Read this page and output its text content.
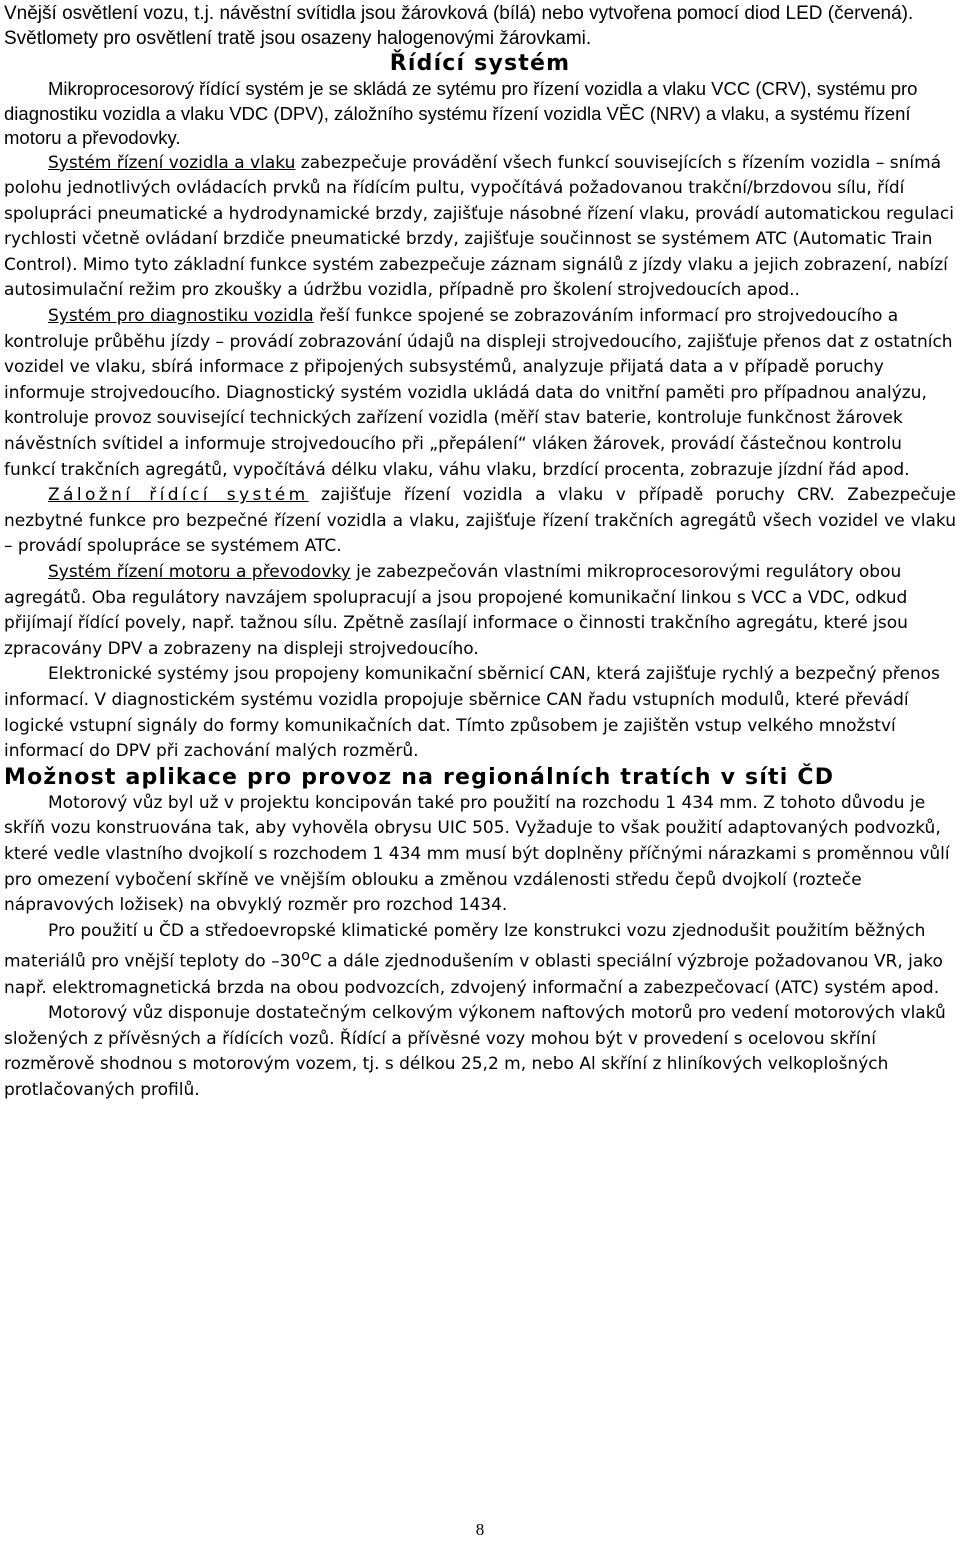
Vnější osvětlení vozu, t.j. návěstní svítidla jsou žárovková (bílá) nebo vytvořena pomocí diod LED (červená). Světlomety pro osvětlení tratě jsou osazeny halogenovými žárovkami.

Řídící systém

Mikroprocesorový řídící systém je se skládá ze sytému pro řízení vozidla a vlaku VCC (CRV), systému pro diagnostiku vozidla a vlaku VDC (DPV), záložního systému řízení vozidla VĚC (NRV) a vlaku, a systému řízení motoru a převodovky.

Systém řízení vozidla a vlaku zabezpečuje provádění všech funkcí souvisejících s řízením vozidla – snímá polohu jednotlivých ovládacích prvků na řídícím pultu, vypočítává požadovanou trakční/brzdovou sílu, řídí spolupráci pneumatické a hydrodynamické brzdy, zajišťuje násobné řízení vlaku, provádí automatickou regulaci rychlosti včetně ovládaní brzdiče pneumatické brzdy, zajišťuje součinnost se systémem ATC (Automatic Train Control). Mimo tyto základní funkce systém zabezpečuje záznam signálů z jízdy vlaku a jejich zobrazení, nabízí autosimulační režim pro zkoušky a údržbu vozidla, případně pro školení strojvedoucích apod..

Systém pro diagnostiku vozidla řeší funkce spojené se zobrazováním informací pro strojvedoucího a kontroluje průběhu jízdy – provádí zobrazování údajů na displeji strojvedoucího, zajišťuje přenos dat z ostatních vozidel ve vlaku, sbírá informace z připojených subsystémů, analyzuje přijatá data a v případě poruchy informuje strojvedoucího. Diagnostický systém vozidla ukládá data do vnitřní paměti pro případnou analýzu, kontroluje provoz související technických zařízení vozidla (měří stav baterie, kontroluje funkčnost žárovek návěstních svítidel a informuje strojvedoucího při „přepálení“ vláken žárovek, provádí částečnou kontrolu funkcí trakčních agregátů, vypočítává délku vlaku, váhu vlaku, brzdící procenta, zobrazuje jízdní řád apod.

Záložní řídící systém zajišťuje řízení vozidla a vlaku v případě poruchy CRV. Zabezpečuje nezbytné funkce pro bezpečné řízení vozidla a vlaku, zajišťuje řízení trakčních agregátů všech vozidel ve vlaku – provádí spolupráce se systémem ATC.

Systém řízení motoru a převodovky je zabezpečován vlastními mikroprocesorovými regulátory obou agregátů. Oba regulátory navzájem spolupracují a jsou propojené komunikační linkou s VCC a VDC, odkud přijímají řídící povely, např. tažnou sílu. Zpětně zasílají informace o činnosti trakčního agregátu, které jsou zpracovány DPV a zobrazeny na displeji strojvedoucího.

Elektronické systémy jsou propojeny komunikační sběrnicí CAN, která zajišťuje rychlý a bezpečný přenos informací. V diagnostickém systému vozidla propojuje sběrnice CAN řadu vstupních modulů, které převádí logické vstupní signály do formy komunikačních dat. Tímto způsobem je zajištěn vstup velkého množství informací do DPV při zachování malých rozměrů.

Možnost aplikace pro provoz na regionálních tratích v síti ČD

Motorový vůz byl už v projektu koncipován také pro použití na rozchodu 1 434 mm. Z tohoto důvodu je skříň vozu konstruována tak, aby vyhověla obrysu UIC 505. Vyžaduje to však použití adaptovaných podvozků, které vedle vlastního dvojkolí s rozchodem 1 434 mm musí být doplněny příčnými nárazkami s proměnnou vůlí pro omezení vybočení skříně ve vnějším oblouku a změnou vzdálenosti středu čepů dvojkolí (rozteče nápravových ložisek) na obvyklý rozměr pro rozchod 1434.

Pro použití u ČD a středoevropské klimatické poměry lze konstrukci vozu zjednodušit použitím běžných materiálů pro vnější teploty do –30$^o$C a dále zjednodušením v oblasti speciální výzbroje požadovanou VR, jako např. elektromagnetická brzda na obou podvozcích, zdvojený informační a zabezpečovací (ATC) systém apod.

Motorový vůz disponuje dostatečným celkovým výkonem naftových motorů pro vedení motorových vlaků složených z přívěsných a řídících vozů. Řídící a přívěsné vozy mohou být v provedení s ocelovou skříní rozměrově shodnou s motorovým vozem, tj. s délkou 25,2 m, nebo Al skříní z hliníkových velkoplošných protlačovaných profilů.

8
